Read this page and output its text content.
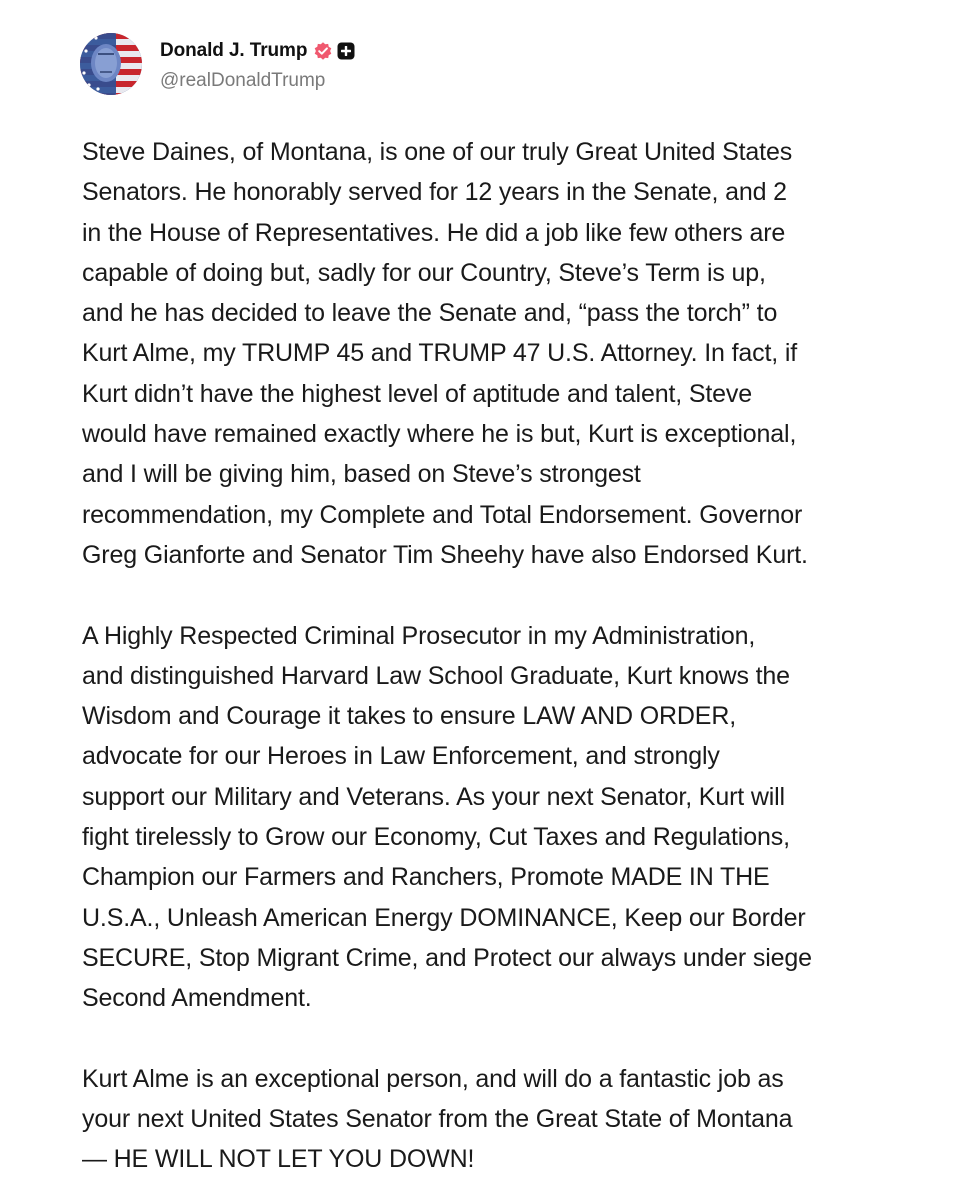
Donald J. Trump
@realDonaldTrump

Steve Daines, of Montana, is one of our truly Great United States
Senators. He honorably served for 12 years in the Senate, and 2
in the House of Representatives. He did a job like few others are
capable of doing but, sadly for our Country, Steve’s Term is up,
and he has decided to leave the Senate and, “pass the torch” to
Kurt Alme, my TRUMP 45 and TRUMP 47 U.S. Attorney. In fact, if
Kurt didn’t have the highest level of aptitude and talent, Steve
would have remained exactly where he is but, Kurt is exceptional,
and I will be giving him, based on Steve’s strongest
recommendation, my Complete and Total Endorsement. Governor
Greg Gianforte and Senator Tim Sheehy have also Endorsed Kurt.

A Highly Respected Criminal Prosecutor in my Administration,
and distinguished Harvard Law School Graduate, Kurt knows the
Wisdom and Courage it takes to ensure LAW AND ORDER,
advocate for our Heroes in Law Enforcement, and strongly
support our Military and Veterans. As your next Senator, Kurt will
fight tirelessly to Grow our Economy, Cut Taxes and Regulations,
Champion our Farmers and Ranchers, Promote MADE IN THE
U.S.A., Unleash American Energy DOMINANCE, Keep our Border
SECURE, Stop Migrant Crime, and Protect our always under siege
Second Amendment.

Kurt Alme is an exceptional person, and will do a fantastic job as
your next United States Senator from the Great State of Montana
— HE WILL NOT LET YOU DOWN!
